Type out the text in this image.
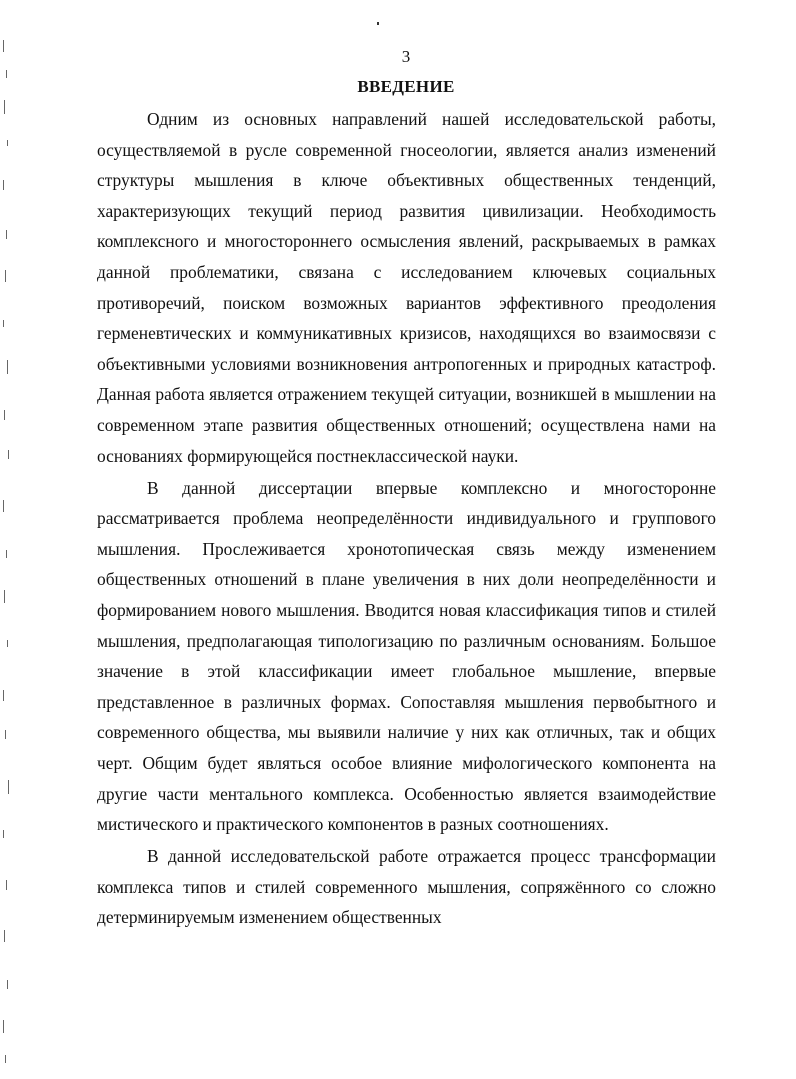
3
ВВЕДЕНИЕ

Одним из основных направлений нашей исследовательской работы, осуществляемой в русле современной гносеологии, является анализ изменений структуры мышления в ключе объективных общественных тенденций, характеризующих текущий период развития цивилизации. Необходимость комплексного и многостороннего осмысления явлений, раскрываемых в рамках данной проблематики, связана с исследованием ключевых социальных противоречий, поиском возможных вариантов эффективного преодоления герменевтических и коммуникативных кризисов, находящихся во взаимосвязи с объективными условиями возникновения антропогенных и природных катастроф. Данная работа является отражением текущей ситуации, возникшей в мышлении на современном этапе развития общественных отношений; осуществлена нами на основаниях формирующейся постнеклассической науки.

В данной диссертации впервые комплексно и многосторонне рассматривается проблема неопределённости индивидуального и группового мышления. Прослеживается хронотопическая связь между изменением общественных отношений в плане увеличения в них доли неопределённости и формированием нового мышления. Вводится новая классификация типов и стилей мышления, предполагающая типологизацию по различным основаниям. Большое значение в этой классификации имеет глобальное мышление, впервые представленное в различных формах. Сопоставляя мышления первобытного и современного общества, мы выявили наличие у них как отличных, так и общих черт. Общим будет являться особое влияние мифологического компонента на другие части ментального комплекса. Особенностью является взаимодействие мистического и практического компонентов в разных соотношениях.

В данной исследовательской работе отражается процесс трансформации комплекса типов и стилей современного мышления, сопряжённого со сложно детерминируемым изменением общественных
